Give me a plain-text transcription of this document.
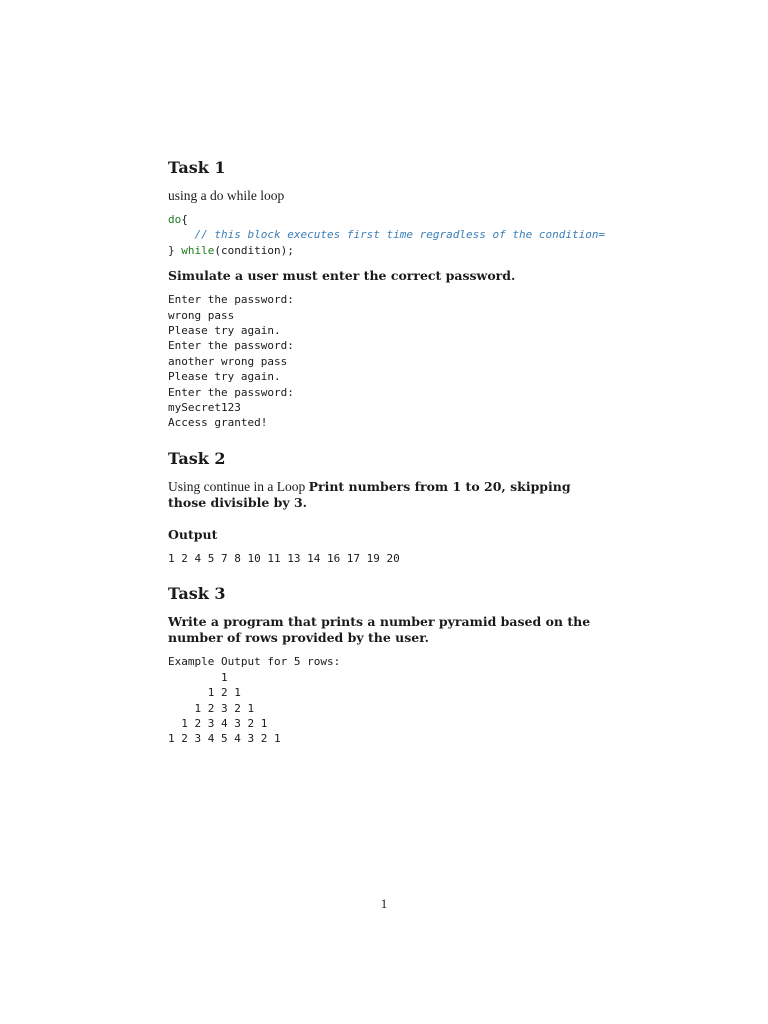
Task 1
using a do while loop
do{
// this block executes first time regradless of the condition=
} while(condition);
Simulate a user must enter the correct password.
Enter the password:
wrong pass
Please try again.
Enter the password:
another wrong pass
Please try again.
Enter the password:
mySecret123
Access granted!
Task 2
Using continue in a Loop Print numbers from 1 to 20, skipping those divisible by 3.
Output
1 2 4 5 7 8 10 11 13 14 16 17 19 20
Task 3
Write a program that prints a number pyramid based on the number of rows provided by the user.
Example Output for 5 rows:
1
1 2 1
1 2 3 2 1
1 2 3 4 3 2 1
1 2 3 4 5 4 3 2 1
1
